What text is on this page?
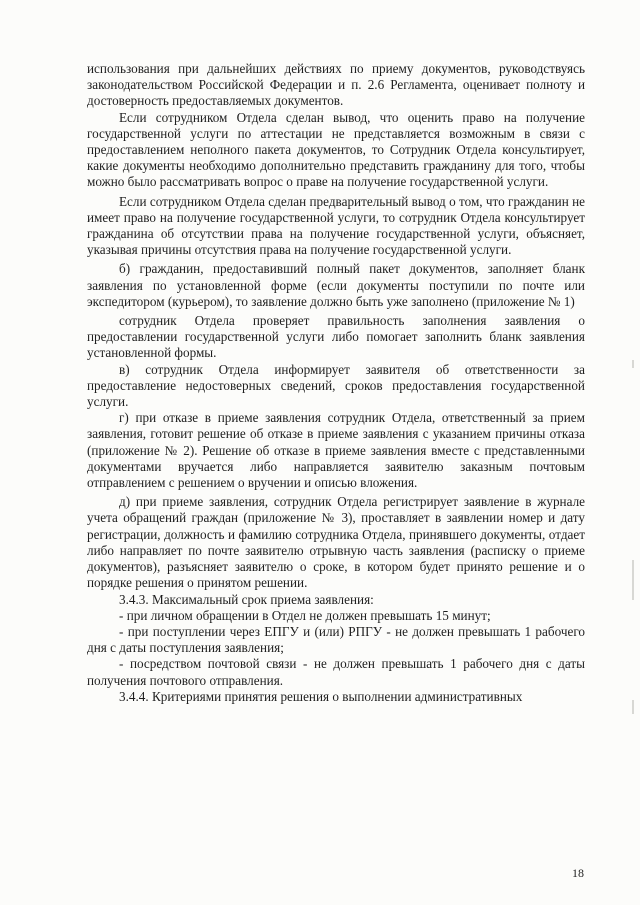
использования при дальнейших действиях по приему документов, руководствуясь законодательством Российской Федерации и п. 2.6 Регламента, оценивает полноту и достоверность предоставляемых документов.

Если сотрудником Отдела сделан вывод, что оценить право на получение государственной услуги по аттестации не представляется возможным в связи с предоставлением неполного пакета документов, то Сотрудник Отдела консультирует, какие документы необходимо дополнительно представить гражданину для того, чтобы можно было рассматривать вопрос о праве на получение государственной услуги.

Если сотрудником Отдела сделан предварительный вывод о том, что гражданин не имеет право на получение государственной услуги, то сотрудник Отдела консультирует гражданина об отсутствии права на получение государственной услуги, объясняет, указывая причины отсутствия права на получение государственной услуги.

б) гражданин, предоставивший полный пакет документов, заполняет бланк заявления по установленной форме (если документы поступили по почте или экспедитором (курьером), то заявление должно быть уже заполнено (приложение № 1)

сотрудник Отдела проверяет правильность заполнения заявления о предоставлении государственной услуги либо помогает заполнить бланк заявления установленной формы.

в) сотрудник Отдела информирует заявителя об ответственности за предоставление недостоверных сведений, сроков предоставления государственной услуги.

г) при отказе в приеме заявления сотрудник Отдела, ответственный за прием заявления, готовит решение об отказе в приеме заявления с указанием причины отказа (приложение № 2). Решение об отказе в приеме заявления вместе с представленными документами вручается либо направляется заявителю заказным почтовым отправлением с решением о вручении и описью вложения.

д) при приеме заявления, сотрудник Отдела регистрирует заявление в журнале учета обращений граждан (приложение № 3), проставляет в заявлении номер и дату регистрации, должность и фамилию сотрудника Отдела, принявшего документы, отдает либо направляет по почте заявителю отрывную часть заявления (расписку о приеме документов), разъясняет заявителю о сроке, в котором будет принято решение и о порядке решения о принятом решении.

3.4.3. Максимальный срок приема заявления:

- при личном обращении в Отдел не должен превышать 15 минут;

- при поступлении через ЕПГУ и (или) РПГУ - не должен превышать 1 рабочего дня с даты поступления заявления;

- посредством почтовой связи - не должен превышать 1 рабочего дня с даты получения почтового отправления.

3.4.4. Критериями принятия решения о выполнении административных

18
